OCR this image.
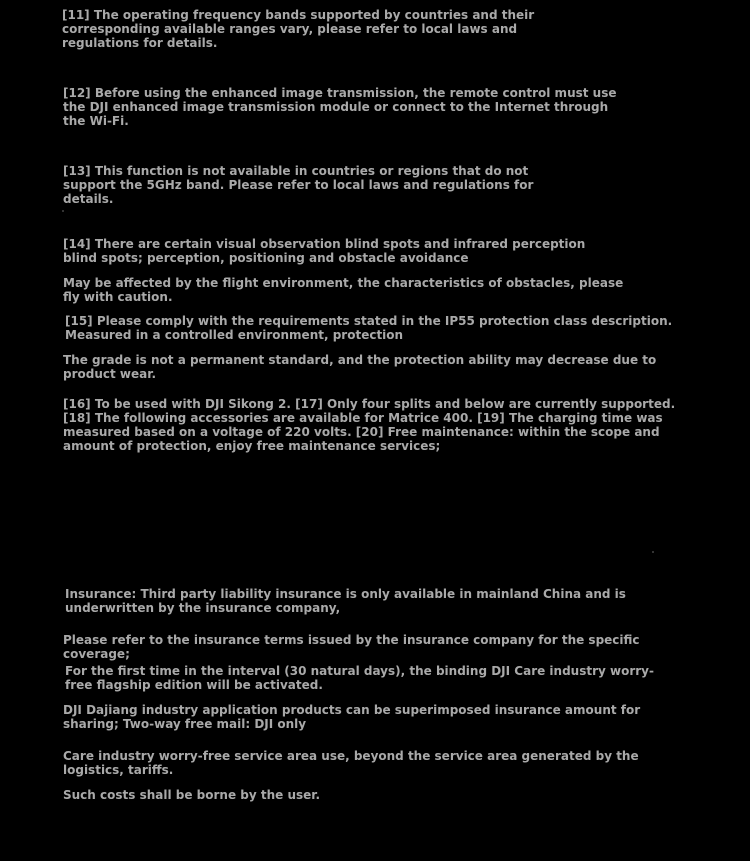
[11] The operating frequency bands supported by countries and their corresponding available ranges vary, please refer to local laws and regulations for details.

[12] Before using the enhanced image transmission, the remote control must use the DJI enhanced image transmission module or connect to the Internet through the Wi-Fi.

[13] This function is not available in countries or regions that do not support the 5GHz band. Please refer to local laws and regulations for details.

[14] There are certain visual observation blind spots and infrared perception blind spots; perception, positioning and obstacle avoidance

May be affected by the flight environment, the characteristics of obstacles, please fly with caution.

[15] Please comply with the requirements stated in the IP55 protection class description. Measured in a controlled environment, protection

The grade is not a permanent standard, and the protection ability may decrease due to product wear.

[16] To be used with DJI Sikong 2. [17] Only four splits and below are currently supported. [18] The following accessories are available for Matrice 400. [19] The charging time was measured based on a voltage of 220 volts. [20] Free maintenance: within the scope and amount of protection, enjoy free maintenance services;

Insurance: Third party liability insurance is only available in mainland China and is underwritten by the insurance company,

Please refer to the insurance terms issued by the insurance company for the specific coverage;

For the first time in the interval (30 natural days), the binding DJI Care industry worry-free flagship edition will be activated.

DJI Dajiang industry application products can be superimposed insurance amount for sharing; Two-way free mail: DJI only

Care industry worry-free service area use, beyond the service area generated by the logistics, tariffs.

Such costs shall be borne by the user.
